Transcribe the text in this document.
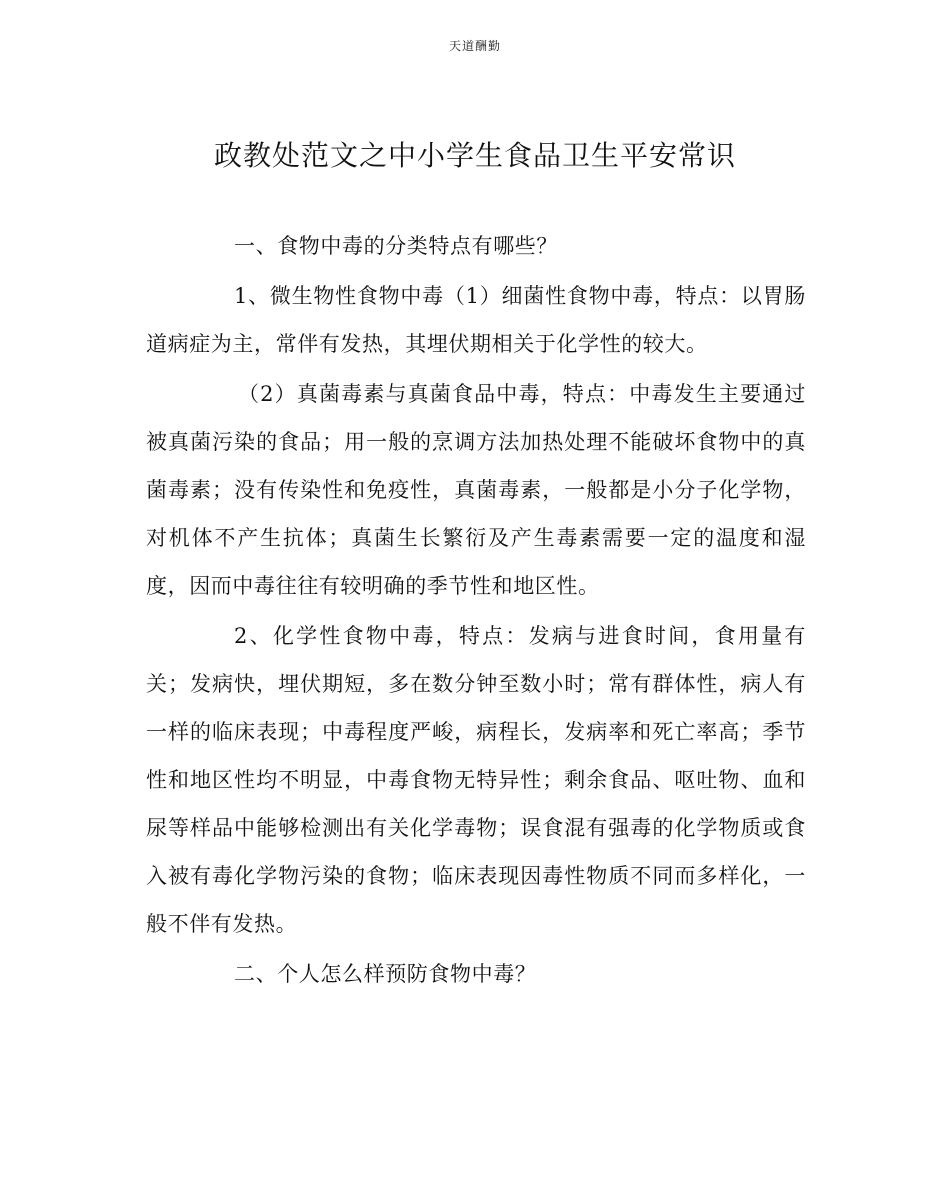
天道酬勤
政教处范文之中小学生食品卫生平安常识

一、食物中毒的分类特点有哪些？

1、微生物性食物中毒（1）细菌性食物中毒，特点：以胃肠道病症为主，常伴有发热，其埋伏期相关于化学性的较大。

（2）真菌毒素与真菌食品中毒，特点：中毒发生主要通过被真菌污染的食品；用一般的烹调方法加热处理不能破坏食物中的真菌毒素；没有传染性和免疫性，真菌毒素，一般都是小分子化学物，对机体不产生抗体；真菌生长繁衍及产生毒素需要一定的温度和湿度，因而中毒往往有较明确的季节性和地区性。

2、化学性食物中毒，特点：发病与进食时间，食用量有关；发病快，埋伏期短，多在数分钟至数小时；常有群体性，病人有一样的临床表现；中毒程度严峻，病程长，发病率和死亡率高；季节性和地区性均不明显，中毒食物无特异性；剩余食品、呕吐物、血和尿等样品中能够检测出有关化学毒物；误食混有强毒的化学物质或食入被有毒化学物污染的食物；临床表现因毒性物质不同而多样化，一般不伴有发热。

二、个人怎么样预防食物中毒？
